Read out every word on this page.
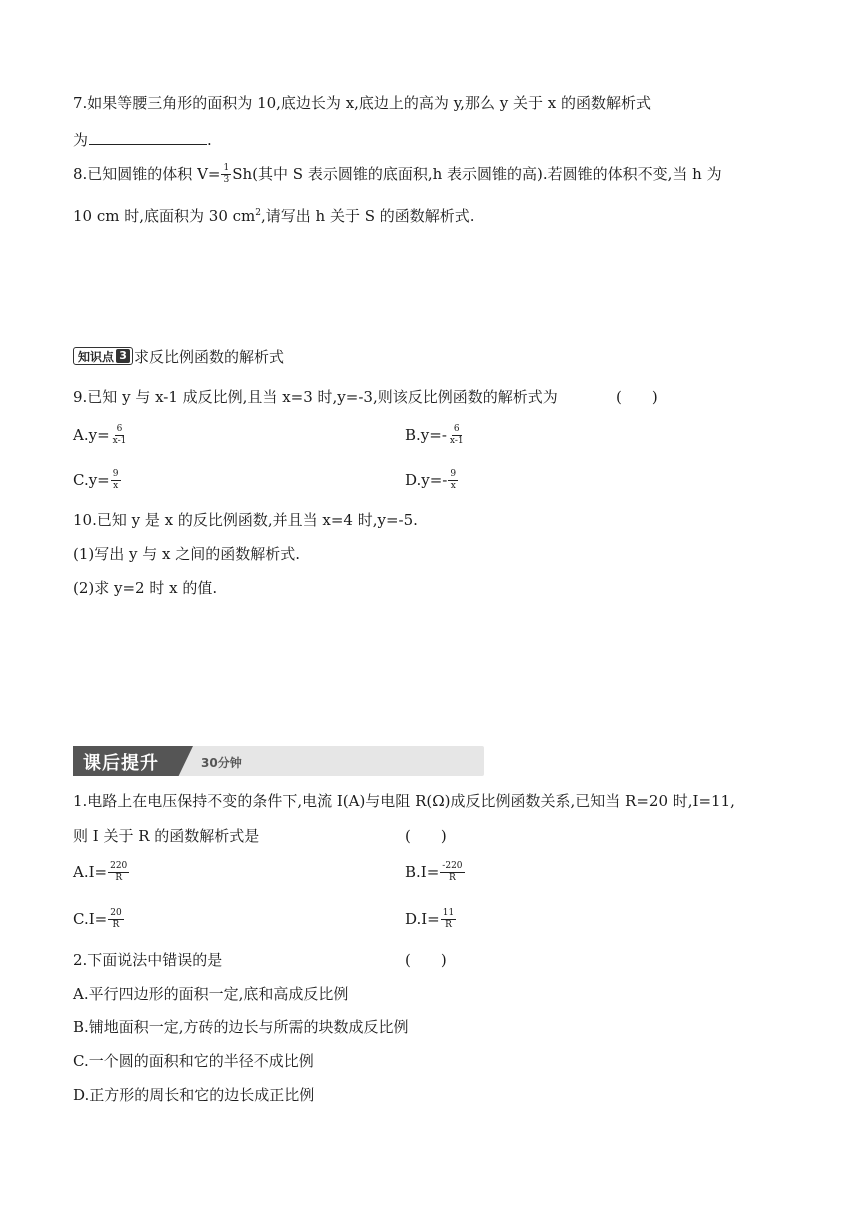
7.如果等腰三角形的面积为 10,底边长为 x,底边上的高为 y,那么 y 关于 x 的函数解析式
为	.
8.已知圆锥的体积 $V= \frac{1}{3} Sh$(其中 S 表示圆锥的底面积,h 表示圆锥的高).若圆锥的体积不变,当 h 为
10 cm 时,底面积为 30 $cm^2$,请写出 h 关于 S 的函数解析式.
知识点 3 求反比例函数的解析式
9.已知 y 与 x-1 成反比例,且当 x=3 时,y=-3,则该反比例函数的解析式为	(　　)
$A.y= \frac{6}{x-1}$	$B.y=- \frac{6}{x-1}$
$C.y= \frac{9}{x}$	$D.y=- \frac{9}{x}$
10.已知 y 是 x 的反比例函数,并且当 x=4 时,y=-5.
(1)写出 y 与 x 之间的函数解析式.
(2)求 y=2 时 x 的值.
课后提升	30分钟
1.电路上在电压保持不变的条件下,电流 I(A)与电阻 R(Ω)成反比例函数关系,已知当 R=20 时,I=11,
则 I 关于 R 的函数解析式是	(　　)
$A.I= \frac{220}{R}$	$B.I= \frac{-220}{R}$
$C.I= \frac{20}{R}$	$D.I= \frac{11}{R}$
2.下面说法中错误的是	(　　)
A.平行四边形的面积一定,底和高成反比例
B.铺地面积一定,方砖的边长与所需的块数成反比例
C.一个圆的面积和它的半径不成比例
D.正方形的周长和它的边长成正比例
